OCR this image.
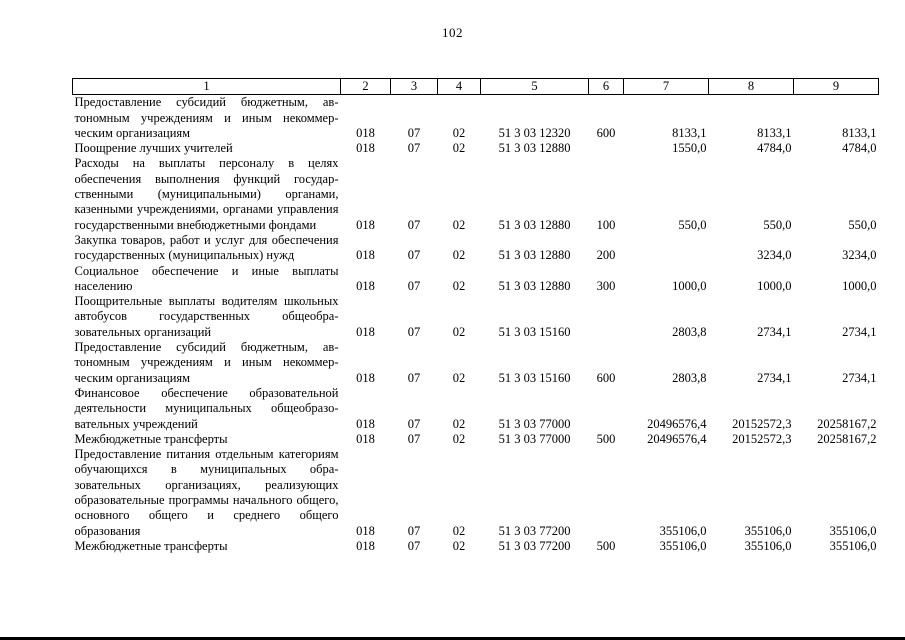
102
1	2	3	4	5	6	7	8	9
Предоставление субсидий бюджетным, автономным учреждениям и иным некоммерческим организациям	018	07	02	51 3 03 12320	600	8133,1	8133,1	8133,1
Поощрение лучших учителей	018	07	02	51 3 03 12880		1550,0	4784,0	4784,0
Расходы на выплаты персоналу в целях обеспечения выполнения функций государственными (муниципальными) органами, казенными учреждениями, органами управления государственными внебюджетными фондами	018	07	02	51 3 03 12880	100	550,0	550,0	550,0
Закупка товаров, работ и услуг для обеспечения государственных (муниципальных) нужд	018	07	02	51 3 03 12880	200		3234,0	3234,0
Социальное обеспечение и иные выплаты населению	018	07	02	51 3 03 12880	300	1000,0	1000,0	1000,0
Поощрительные выплаты водителям школьных автобусов государственных общеобразовательных организаций	018	07	02	51 3 03 15160		2803,8	2734,1	2734,1
Предоставление субсидий бюджетным, автономным учреждениям и иным некоммерческим организациям	018	07	02	51 3 03 15160	600	2803,8	2734,1	2734,1
Финансовое обеспечение образовательной деятельности муниципальных общеобразовательных учреждений	018	07	02	51 3 03 77000		20496576,4	20152572,3	20258167,2
Межбюджетные трансферты	018	07	02	51 3 03 77000	500	20496576,4	20152572,3	20258167,2
Предоставление питания отдельным категориям обучающихся в муниципальных образовательных организациях, реализующих образовательные программы начального общего, основного общего и среднего общего образования	018	07	02	51 3 03 77200		355106,0	355106,0	355106,0
Межбюджетные трансферты	018	07	02	51 3 03 77200	500	355106,0	355106,0	355106,0
